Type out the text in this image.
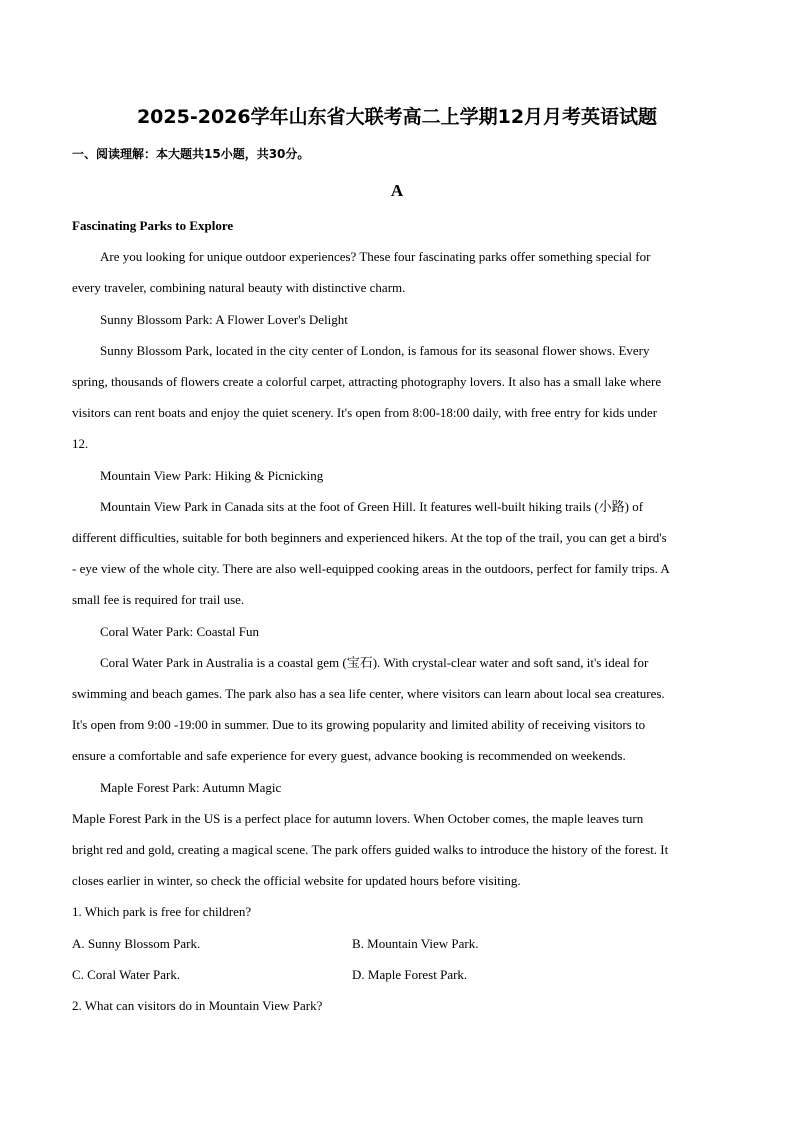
2025-2026学年山东省大联考高二上学期12月月考英语试题
一、阅读理解：本大题共15小题，共30分。
A
Fascinating Parks to Explore
Are you looking for unique outdoor experiences? These four fascinating parks offer something special for
every traveler, combining natural beauty with distinctive charm.
Sunny Blossom Park: A Flower Lover's Delight
Sunny Blossom Park, located in the city center of London, is famous for its seasonal flower shows. Every
spring, thousands of flowers create a colorful carpet, attracting photography lovers. It also has a small lake where
visitors can rent boats and enjoy the quiet scenery. It's open from 8:00-18:00 daily, with free entry for kids under
12.
Mountain View Park: Hiking & Picnicking
Mountain View Park in Canada sits at the foot of Green Hill. It features well-built hiking trails (小路) of
different difficulties, suitable for both beginners and experienced hikers. At the top of the trail, you can get a bird's
- eye view of the whole city. There are also well-equipped cooking areas in the outdoors, perfect for family trips. A
small fee is required for trail use.
Coral Water Park: Coastal Fun
Coral Water Park in Australia is a coastal gem (宝石). With crystal-clear water and soft sand, it's ideal for
swimming and beach games. The park also has a sea life center, where visitors can learn about local sea creatures.
It's open from 9:00 -19:00 in summer. Due to its growing popularity and limited ability of receiving visitors to
ensure a comfortable and safe experience for every guest, advance booking is recommended on weekends.
Maple Forest Park: Autumn Magic
Maple Forest Park in the US is a perfect place for autumn lovers. When October comes, the maple leaves turn
bright red and gold, creating a magical scene. The park offers guided walks to introduce the history of the forest. It
closes earlier in winter, so check the official website for updated hours before visiting.
1. Which park is free for children?
A. Sunny Blossom Park.	B. Mountain View Park.
C. Coral Water Park.	D. Maple Forest Park.
2. What can visitors do in Mountain View Park?
